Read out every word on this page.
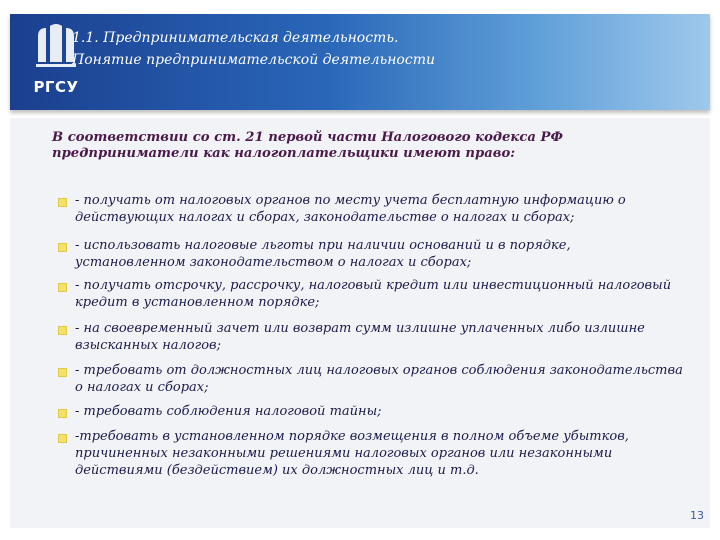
РГСУ
1.1. Предпринимательская деятельность.
Понятие предпринимательской деятельности
В соответствии со ст. 21 первой части Налогового кодекса РФ предприниматели как налогоплательщики имеют право:
- получать от налоговых органов по месту учета бесплатную информацию о действующих налогах и сборах, законодательстве о налогах и сборах;
- использовать налоговые льготы при наличии оснований и в порядке, установленном законодательством о налогах и сборах;
- получать отсрочку, рассрочку, налоговый кредит или инвестиционный налоговый кредит в установленном порядке;
- на своевременный зачет или возврат сумм излишне уплаченных либо излишне взысканных налогов;
- требовать от должностных лиц налоговых органов соблюдения законодательства о налогах и сборах;
- требовать соблюдения налоговой тайны;
-требовать в установленном порядке возмещения в полном объеме убытков, причиненных незаконными решениями налоговых органов или незаконными действиями (бездействием) их должностных лиц и т.д.
13
